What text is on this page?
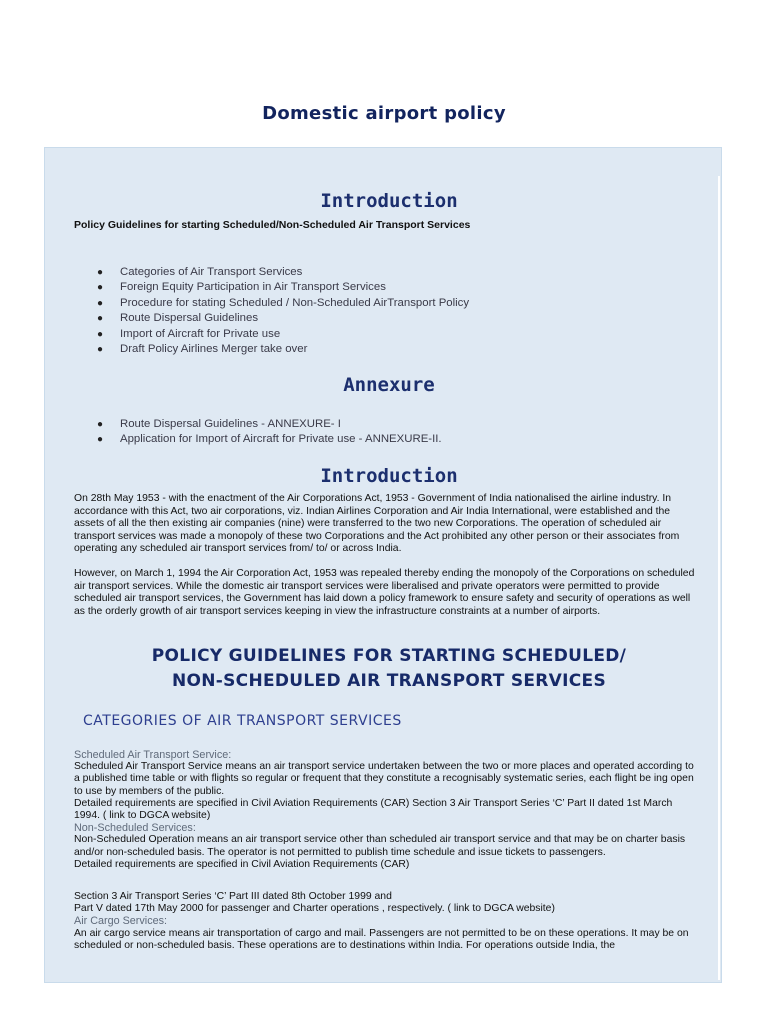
Domestic airport policy
Introduction
Policy Guidelines for starting Scheduled/Non-Scheduled Air Transport Services
● Categories of Air Transport Services
● Foreign Equity Participation in Air Transport Services
● Procedure for stating Scheduled / Non-Scheduled AirTransport Policy
● Route Dispersal Guidelines
● Import of Aircraft for Private use
● Draft Policy Airlines Merger take over
Annexure
● Route Dispersal Guidelines - ANNEXURE- I
● Application for Import of Aircraft for Private use - ANNEXURE-II.
Introduction
On 28th May 1953 - with the enactment of the Air Corporations Act, 1953 - Government of India nationalised the airline industry. In accordance with this Act, two air corporations, viz. Indian Airlines Corporation and Air India International, were established and the assets of all the then existing air companies (nine) were transferred to the two new Corporations. The operation of scheduled air transport services was made a monopoly of these two Corporations and the Act prohibited any other person or their associates from operating any scheduled air transport services from/ to/ or across India.
However, on March 1, 1994 the Air Corporation Act, 1953 was repealed thereby ending the monopoly of the Corporations on scheduled air transport services. While the domestic air transport services were liberalised and private operators were permitted to provide scheduled air transport services, the Government has laid down a policy framework to ensure safety and security of operations as well as the orderly growth of air transport services keeping in view the infrastructure constraints at a number of airports.
POLICY GUIDELINES FOR STARTING SCHEDULED/
NON-SCHEDULED AIR TRANSPORT SERVICES
CATEGORIES OF AIR TRANSPORT SERVICES
Scheduled Air Transport Service:
Scheduled Air Transport Service means an air transport service undertaken between the two or more places and operated according to a published time table or with flights so regular or frequent that they constitute a recognisably systematic series, each flight be ing open to use by members of the public.
Detailed requirements are specified in Civil Aviation Requirements (CAR) Section 3 Air Transport Series ‘C’ Part II dated 1st March 1994. ( link to DGCA website)
Non-Scheduled Services:
Non-Scheduled Operation means an air transport service other than scheduled air transport service and that may be on charter basis and/or non-scheduled basis. The operator is not permitted to publish time schedule and issue tickets to passengers.
Detailed requirements are specified in Civil Aviation Requirements (CAR)
Section 3 Air Transport Series ‘C’ Part III dated 8th October 1999 and
Part V dated 17th May 2000 for passenger and Charter operations , respectively. ( link to DGCA website)
Air Cargo Services:
An air cargo service means air transportation of cargo and mail. Passengers are not permitted to be on these operations. It may be on scheduled or non-scheduled basis. These operations are to destinations within India. For operations outside India, the
